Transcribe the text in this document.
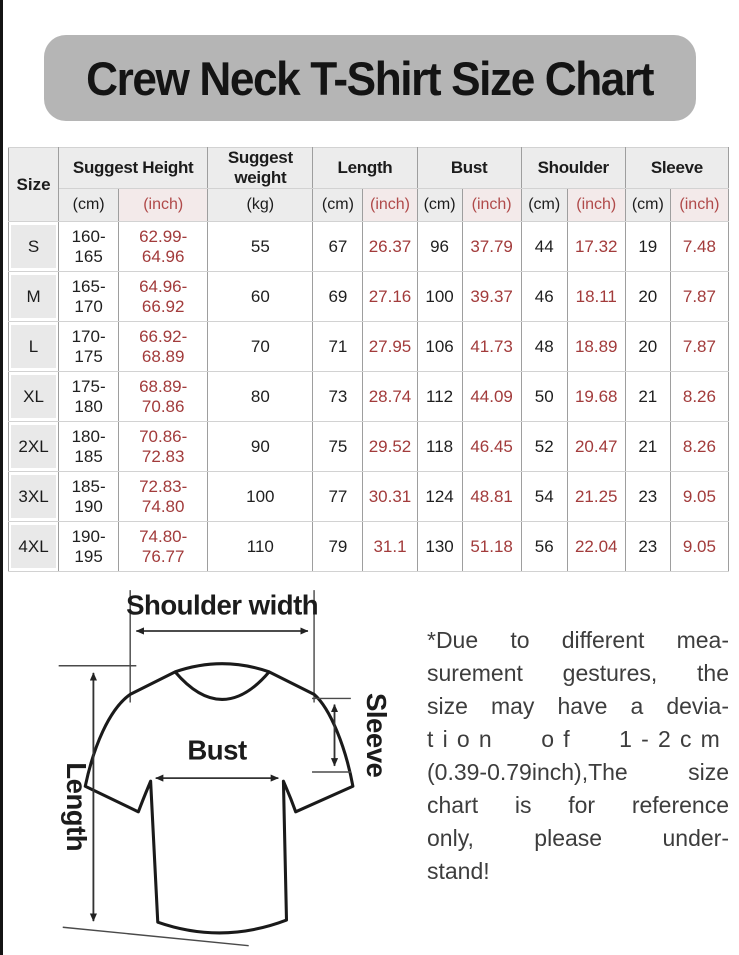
Crew Neck T-Shirt Size Chart
Size	Suggest Height		Suggest weight	Length		Bust		Shoulder		Sleeve	
	(cm)	(inch)	(kg)	(cm)	(inch)	(cm)	(inch)	(cm)	(inch)	(cm)	(inch)

S	160-165	62.99-64.96	55	67	26.37	96	37.79	44	17.32	19	7.48

M	165-170	64.96-66.92	60	69	27.16	100	39.37	46	18.11	20	7.87

L	170-175	66.92-68.89	70	71	27.95	106	41.73	48	18.89	20	7.87

XL	175-180	68.89-70.86	80	73	28.74	112	44.09	50	19.68	21	8.26

2XL	180-185	70.86-72.83	90	75	29.52	118	46.45	52	20.47	21	8.26

3XL	185-190	72.83-74.80	100	77	30.31	124	48.81	54	21.25	23	9.05

4XL	190-195	74.80-76.77	110	79	31.1	130	51.18	56	22.04	23	9.05
Shoulder width
Length
Bust	Sleeve
*Due to different mea-
surement gestures, the
size may have a devia-
tion of 1-2cm
(0.39-0.79inch),The size
chart is for reference
only, please under-
stand!
